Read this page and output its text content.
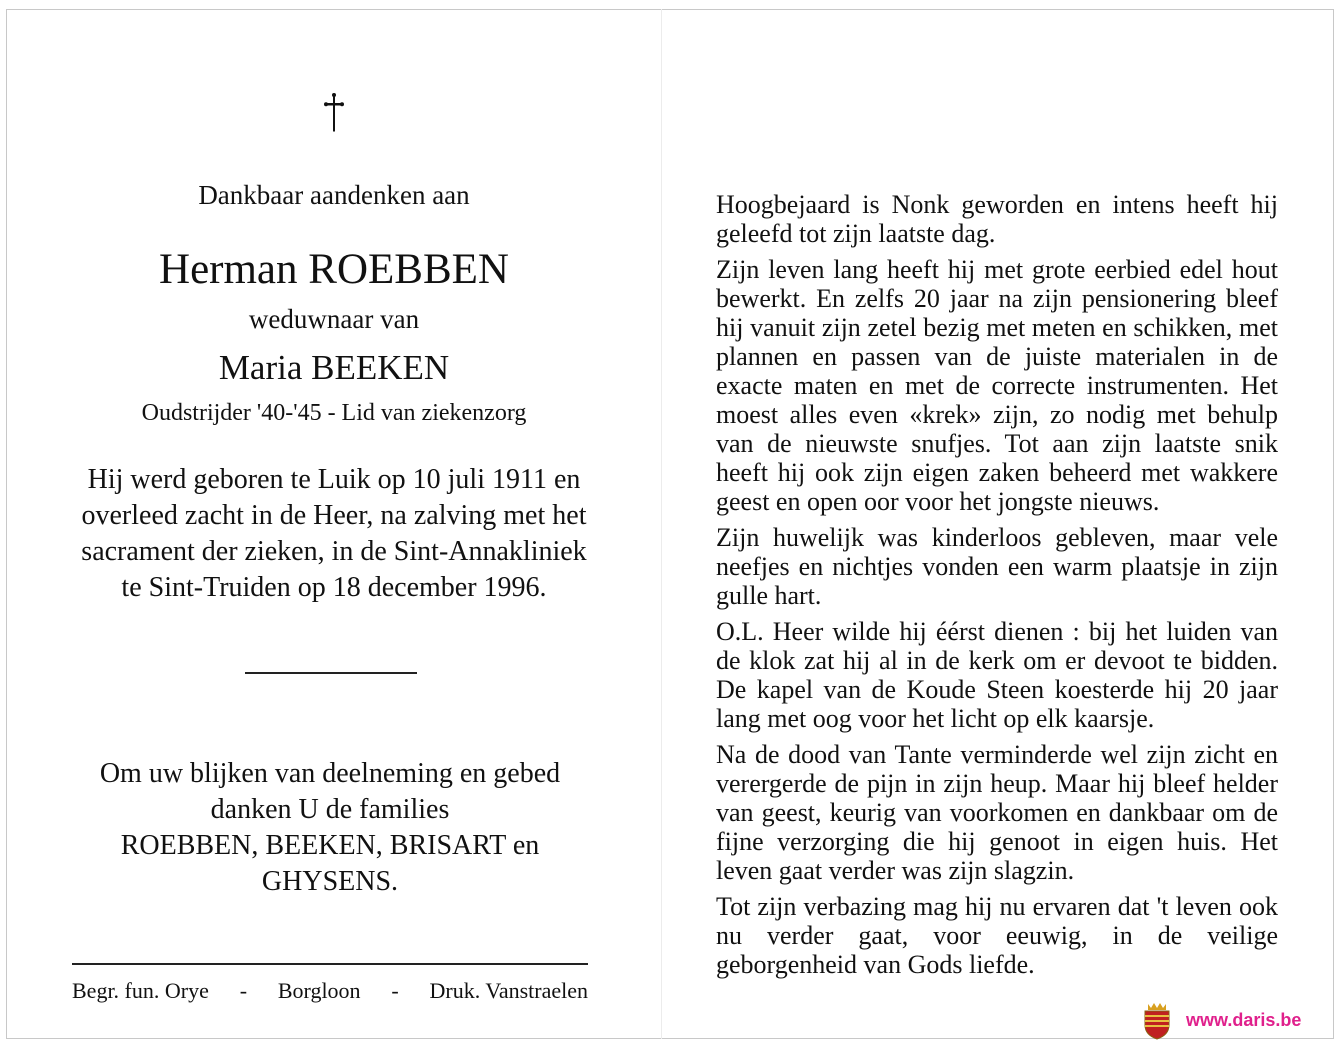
Dankbaar aandenken aan
Herman ROEBBEN
weduwnaar van
Maria BEEKEN
Oudstrijder '40-'45 - Lid van ziekenzorg
Hij werd geboren te Luik op 10 juli 1911 en
overleed zacht in de Heer, na zalving met het
sacrament der zieken, in de Sint-Annakliniek
te Sint-Truiden op 18 december 1996.
Om uw blijken van deelneming en gebed
danken U de families
ROEBBEN, BEEKEN, BRISART en
GHYSENS.
Begr. fun. Orye - Borgloon - Druk. Vanstraelen

Hoogbejaard is Nonk geworden en intens heeft hij geleefd tot zijn laatste dag.

Zijn leven lang heeft hij met grote eerbied edel hout bewerkt. En zelfs 20 jaar na zijn pensionering bleef hij vanuit zijn zetel bezig met meten en schikken, met plannen en passen van de juiste materialen in de exacte maten en met de correcte instrumenten. Het moest alles even «krek» zijn, zo nodig met behulp van de nieuwste snufjes. Tot aan zijn laatste snik heeft hij ook zijn eigen zaken beheerd met wakkere geest en open oor voor het jongste nieuws.

Zijn huwelijk was kinderloos gebleven, maar vele neefjes en nichtjes vonden een warm plaatsje in zijn gulle hart.

O.L. Heer wilde hij éérst dienen : bij het luiden van de klok zat hij al in de kerk om er devoot te bidden. De kapel van de Koude Steen koesterde hij 20 jaar lang met oog voor het licht op elk kaarsje.

Na de dood van Tante verminderde wel zijn zicht en verergerde de pijn in zijn heup. Maar hij bleef helder van geest, keurig van voorkomen en dankbaar om de fijne verzorging die hij genoot in eigen huis. Het leven gaat verder was zijn slagzin.

Tot zijn verbazing mag hij nu ervaren dat 't leven ook nu verder gaat, voor eeuwig, in de veilige geborgenheid van Gods liefde.

www.daris.be
